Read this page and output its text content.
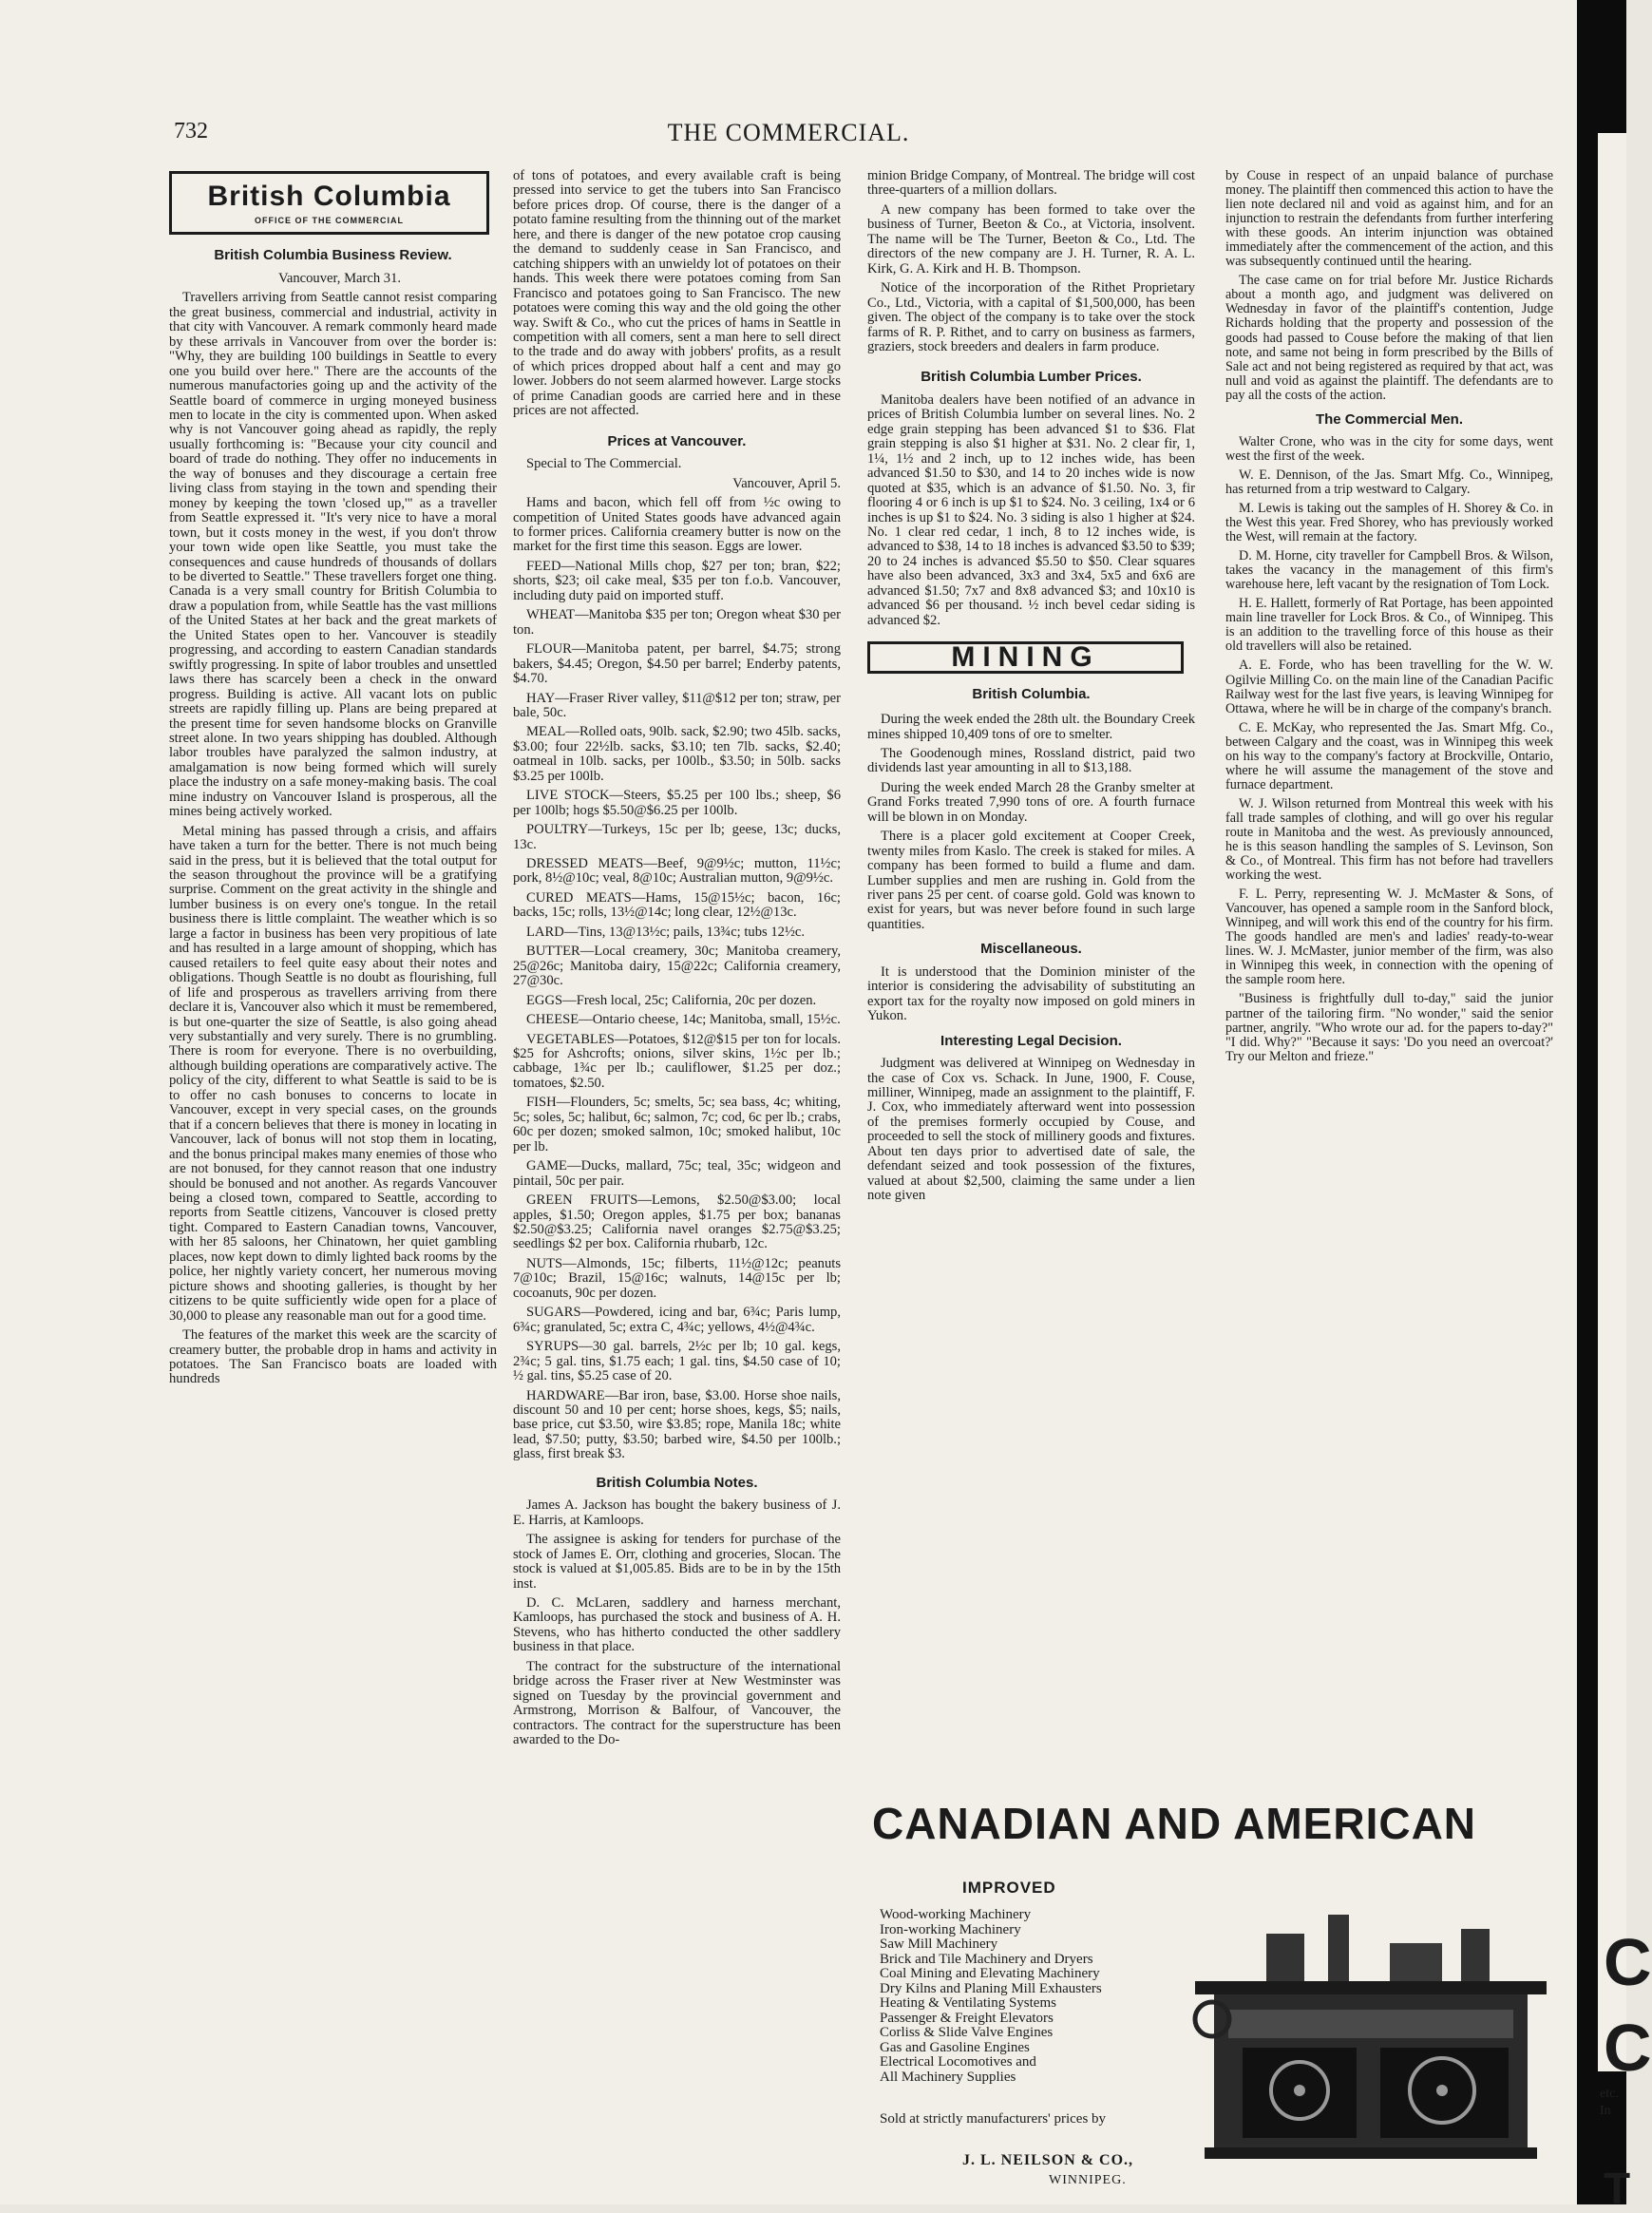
732	THE COMMERCIAL.
British Columbia
OFFICE OF THE COMMERCIAL
British Columbia Business Review.

Vancouver, March 31.

Travellers arriving from Seattle cannot resist comparing the great business, commercial and industrial, activity in that city with Vancouver. A remark commonly heard made by these arrivals in Vancouver from over the border is: "Why, they are building 100 buildings in Seattle to every one you build over here." There are the accounts of the numerous manufactories going up and the activity of the Seattle board of commerce in urging moneyed business men to locate in the city is commented upon. When asked why is not Vancouver going ahead as rapidly, the reply usually forthcoming is: "Because your city council and board of trade do nothing. They offer no inducements in the way of bonuses and they discourage a certain free living class from staying in the town and spending their money by keeping the town 'closed up,'" as a traveller from Seattle expressed it. "It's very nice to have a moral town, but it costs money in the west, if you don't throw your town wide open like Seattle, you must take the consequences and cause hundreds of thousands of dollars to be diverted to Seattle." These travellers forget one thing. Canada is a very small country for British Columbia to draw a population from, while Seattle has the vast millions of the United States at her back and the great markets of the United States open to her. Vancouver is steadily progressing, and according to eastern Canadian standards swiftly progressing. In spite of labor troubles and unsettled laws there has scarcely been a check in the onward progress. Building is active. All vacant lots on public streets are rapidly filling up. Plans are being prepared at the present time for seven handsome blocks on Granville street alone. In two years shipping has doubled. Although labor troubles have paralyzed the salmon industry, at amalgamation is now being formed which will surely place the industry on a safe money-making basis. The coal mine industry on Vancouver Island is prosperous, all the mines being actively worked.

Metal mining has passed through a crisis, and affairs have taken a turn for the better. There is not much being said in the press, but it is believed that the total output for the season throughout the province will be a gratifying surprise. Comment on the great activity in the shingle and lumber business is on every one's tongue. In the retail business there is little complaint. The weather which is so large a factor in business has been very propitious of late and has resulted in a large amount of shopping, which has caused retailers to feel quite easy about their notes and obligations. Though Seattle is no doubt as flourishing, full of life and prosperous as travellers arriving from there declare it is, Vancouver also which it must be remembered, is but one-quarter the size of Seattle, is also going ahead very substantially and very surely. There is no grumbling. There is room for everyone. There is no overbuilding, although building operations are comparatively active. The policy of the city, different to what Seattle is said to be is to offer no cash bonuses to concerns to locate in Vancouver, except in very special cases, on the grounds that if a concern believes that there is money in locating in Vancouver, lack of bonus will not stop them in locating, and the bonus principal makes many enemies of those who are not bonused, for they cannot reason that one industry should be bonused and not another. As regards Vancouver being a closed town, compared to Seattle, according to reports from Seattle citizens, Vancouver is closed pretty tight. Compared to Eastern Canadian towns, Vancouver, with her 85 saloons, her Chinatown, her quiet gambling places, now kept down to dimly lighted back rooms by the police, her nightly variety concert, her numerous moving picture shows and shooting galleries, is thought by her citizens to be quite sufficiently wide open for a place of 30,000 to please any reasonable man out for a good time.

The features of the market this week are the scarcity of creamery butter, the probable drop in hams and activity in potatoes. The San Francisco boats are loaded with hundreds

of tons of potatoes, and every available craft is being pressed into service to get the tubers into San Francisco before prices drop. Of course, there is the danger of a potato famine resulting from the thinning out of the market here, and there is danger of the new potatoe crop causing the demand to suddenly cease in San Francisco, and catching shippers with an unwieldy lot of potatoes on their hands. This week there were potatoes coming from San Francisco and potatoes going to San Francisco. The new potatoes were coming this way and the old going the other way. Swift & Co., who cut the prices of hams in Seattle in competition with all comers, sent a man here to sell direct to the trade and do away with jobbers' profits, as a result of which prices dropped about half a cent and may go lower. Jobbers do not seem alarmed however. Large stocks of prime Canadian goods are carried here and in these prices are not affected.

Prices at Vancouver.

Special to The Commercial.

Vancouver, April 5.

Hams and bacon, which fell off from ½c owing to competition of United States goods have advanced again to former prices. California creamery butter is now on the market for the first time this season. Eggs are lower.

FEED—National Mills chop, $27 per ton; bran, $22; shorts, $23; oil cake meal, $35 per ton f.o.b. Vancouver, including duty paid on imported stuff.

WHEAT—Manitoba $35 per ton; Oregon wheat $30 per ton.

FLOUR—Manitoba patent, per barrel, $4.75; strong bakers, $4.45; Oregon, $4.50 per barrel; Enderby patents, $4.70.

HAY—Fraser River valley, $11@$12 per ton; straw, per bale, 50c.

MEAL—Rolled oats, 90lb. sack, $2.90; two 45lb. sacks, $3.00; four 22½lb. sacks, $3.10; ten 7lb. sacks, $2.40; oatmeal in 10lb. sacks, per 100lb., $3.50; in 50lb. sacks $3.25 per 100lb.

LIVE STOCK—Steers, $5.25 per 100 lbs.; sheep, $6 per 100lb; hogs $5.50@$6.25 per 100lb.

POULTRY—Turkeys, 15c per lb; geese, 13c; ducks, 13c.

DRESSED MEATS—Beef, 9@9½c; mutton, 11½c; pork, 8½@10c; veal, 8@10c; Australian mutton, 9@9½c.

CURED MEATS—Hams, 15@15½c; bacon, 16c; backs, 15c; rolls, 13½@14c; long clear, 12½@13c.

LARD—Tins, 13@13½c; pails, 13¾c; tubs 12½c.

BUTTER—Local creamery, 30c; Manitoba creamery, 25@26c; Manitoba dairy, 15@22c; California creamery, 27@30c.

EGGS—Fresh local, 25c; California, 20c per dozen.

CHEESE—Ontario cheese, 14c; Manitoba, small, 15½c.

VEGETABLES—Potatoes, $12@$15 per ton for locals. $25 for Ashcrofts; onions, silver skins, 1½c per lb.; cabbage, 1¾c per lb.; cauliflower, $1.25 per doz.; tomatoes, $2.50.

FISH—Flounders, 5c; smelts, 5c; sea bass, 4c; whiting, 5c; soles, 5c; halibut, 6c; salmon, 7c; cod, 6c per lb.; crabs, 60c per dozen; smoked salmon, 10c; smoked halibut, 10c per lb.

GAME—Ducks, mallard, 75c; teal, 35c; widgeon and pintail, 50c per pair.

GREEN FRUITS—Lemons, $2.50@$3.00; local apples, $1.50; Oregon apples, $1.75 per box; bananas $2.50@$3.25; California navel oranges $2.75@$3.25; seedlings $2 per box. California rhubarb, 12c.

NUTS—Almonds, 15c; filberts, 11½@12c; peanuts 7@10c; Brazil, 15@16c; walnuts, 14@15c per lb; cocoanuts, 90c per dozen.

SUGARS—Powdered, icing and bar, 6¾c; Paris lump, 6¾c; granulated, 5c; extra C, 4¾c; yellows, 4½@4¾c.

SYRUPS—30 gal. barrels, 2½c per lb; 10 gal. kegs, 2¾c; 5 gal. tins, $1.75 each; 1 gal. tins, $4.50 case of 10; ½ gal. tins, $5.25 case of 20.

HARDWARE—Bar iron, base, $3.00. Horse shoe nails, discount 50 and 10 per cent; horse shoes, kegs, $5; nails, base price, cut $3.50, wire $3.85; rope, Manila 18c; white lead, $7.50; putty, $3.50; barbed wire, $4.50 per 100lb.; glass, first break $3.

British Columbia Notes.

James A. Jackson has bought the bakery business of J. E. Harris, at Kamloops.

The assignee is asking for tenders for purchase of the stock of James E. Orr, clothing and groceries, Slocan. The stock is valued at $1,005.85. Bids are to be in by the 15th inst.

D. C. McLaren, saddlery and harness merchant, Kamloops, has purchased the stock and business of A. H. Stevens, who has hitherto conducted the other saddlery business in that place.

The contract for the substructure of the international bridge across the Fraser river at New Westminster was signed on Tuesday by the provincial government and Armstrong, Morrison & Balfour, of Vancouver, the contractors. The contract for the superstructure has been awarded to the Do-

minion Bridge Company, of Montreal. The bridge will cost three-quarters of a million dollars.

A new company has been formed to take over the business of Turner, Beeton & Co., at Victoria, insolvent. The name will be The Turner, Beeton & Co., Ltd. The directors of the new company are J. H. Turner, R. A. L. Kirk, G. A. Kirk and H. B. Thompson.

Notice of the incorporation of the Rithet Proprietary Co., Ltd., Victoria, with a capital of $1,500,000, has been given. The object of the company is to take over the stock farms of R. P. Rithet, and to carry on business as farmers, graziers, stock breeders and dealers in farm produce.

British Columbia Lumber Prices.

Manitoba dealers have been notified of an advance in prices of British Columbia lumber on several lines. No. 2 edge grain stepping has been advanced $1 to $36. Flat grain stepping is also $1 higher at $31. No. 2 clear fir, 1, 1¼, 1½ and 2 inch, up to 12 inches wide, has been advanced $1.50 to $30, and 14 to 20 inches wide is now quoted at $35, which is an advance of $1.50. No. 3, fir flooring 4 or 6 inch is up $1 to $24. No. 3 ceiling, 1x4 or 6 inches is up $1 to $24. No. 3 siding is also 1 higher at $24. No. 1 clear red cedar, 1 inch, 8 to 12 inches wide, is advanced to $38, 14 to 18 inches is advanced $3.50 to $39; 20 to 24 inches is advanced $5.50 to $50. Clear squares have also been advanced, 3x3 and 3x4, 5x5 and 6x6 are advanced $1.50; 7x7 and 8x8 advanced $3; and 10x10 is advanced $6 per thousand. ½ inch bevel cedar siding is advanced $2.

MINING
British Columbia.

During the week ended the 28th ult. the Boundary Creek mines shipped 10,409 tons of ore to smelter.

The Goodenough mines, Rossland district, paid two dividends last year amounting in all to $13,188.

During the week ended March 28 the Granby smelter at Grand Forks treated 7,990 tons of ore. A fourth furnace will be blown in on Monday.

There is a placer gold excitement at Cooper Creek, twenty miles from Kaslo. The creek is staked for miles. A company has been formed to build a flume and dam. Lumber supplies and men are rushing in. Gold from the river pans 25 per cent. of coarse gold. Gold was known to exist for years, but was never before found in such large quantities.

Miscellaneous.

It is understood that the Dominion minister of the interior is considering the advisability of substituting an export tax for the royalty now imposed on gold miners in Yukon.

Interesting Legal Decision.

Judgment was delivered at Winnipeg on Wednesday in the case of Cox vs. Schack. In June, 1900, F. Couse, milliner, Winnipeg, made an assignment to the plaintiff, F. J. Cox, who immediately afterward went into possession of the premises formerly occupied by Couse, and proceeded to sell the stock of millinery goods and fixtures. About ten days prior to advertised date of sale, the defendant seized and took possession of the fixtures, valued at about $2,500, claiming the same under a lien note given

by Couse in respect of an unpaid balance of purchase money. The plaintiff then commenced this action to have the lien note declared nil and void as against him, and for an injunction to restrain the defendants from further interfering with these goods. An interim injunction was obtained immediately after the commencement of the action, and this was subsequently continued until the hearing.

The case came on for trial before Mr. Justice Richards about a month ago, and judgment was delivered on Wednesday in favor of the plaintiff's contention, Judge Richards holding that the property and possession of the goods had passed to Couse before the making of that lien note, and same not being in form prescribed by the Bills of Sale act and not being registered as required by that act, was null and void as against the plaintiff. The defendants are to pay all the costs of the action.

The Commercial Men.

Walter Crone, who was in the city for some days, went west the first of the week.

W. E. Dennison, of the Jas. Smart Mfg. Co., Winnipeg, has returned from a trip westward to Calgary.

M. Lewis is taking out the samples of H. Shorey & Co. in the West this year. Fred Shorey, who has previously worked the West, will remain at the factory.

D. M. Horne, city traveller for Campbell Bros. & Wilson, takes the vacancy in the management of this firm's warehouse here, left vacant by the resignation of Tom Lock.

H. E. Hallett, formerly of Rat Portage, has been appointed main line traveller for Lock Bros. & Co., of Winnipeg. This is an addition to the travelling force of this house as their old travellers will also be retained.

A. E. Forde, who has been travelling for the W. W. Ogilvie Milling Co. on the main line of the Canadian Pacific Railway west for the last five years, is leaving Winnipeg for Ottawa, where he will be in charge of the company's branch.

C. E. McKay, who represented the Jas. Smart Mfg. Co., between Calgary and the coast, was in Winnipeg this week on his way to the company's factory at Brockville, Ontario, where he will assume the management of the stove and furnace department.

W. J. Wilson returned from Montreal this week with his fall trade samples of clothing, and will go over his regular route in Manitoba and the west. As previously announced, he is this season handling the samples of S. Levinson, Son & Co., of Montreal. This firm has not before had travellers working the west.

F. L. Perry, representing W. J. McMaster & Sons, of Vancouver, has opened a sample room in the Sanford block, Winnipeg, and will work this end of the country for his firm. The goods handled are men's and ladies' ready-to-wear lines. W. J. McMaster, junior member of the firm, was also in Winnipeg this week, in connection with the opening of the sample room here.

"Business is frightfully dull to-day," said the junior partner of the tailoring firm. "No wonder," said the senior partner, angrily. "Who wrote our ad. for the papers to-day?" "I did. Why?" "Because it says: 'Do you need an overcoat?' Try our Melton and frieze."

CANADIAN AND AMERICAN
IMPROVED
Wood-working Machinery
Iron-working Machinery
Saw Mill Machinery
Brick and Tile Machinery and Dryers
Coal Mining and Elevating Machinery
Dry Kilns and Planing Mill Exhausters
Heating & Ventilating Systems
Passenger & Freight Elevators
Corliss & Slide Valve Engines
Gas and Gasoline Engines
Electrical Locomotives and
All Machinery Supplies
Sold at strictly manufacturers' prices by
J. L. NEILSON & CO.,
WINNIPEG.
C
C
etc.
In
T
